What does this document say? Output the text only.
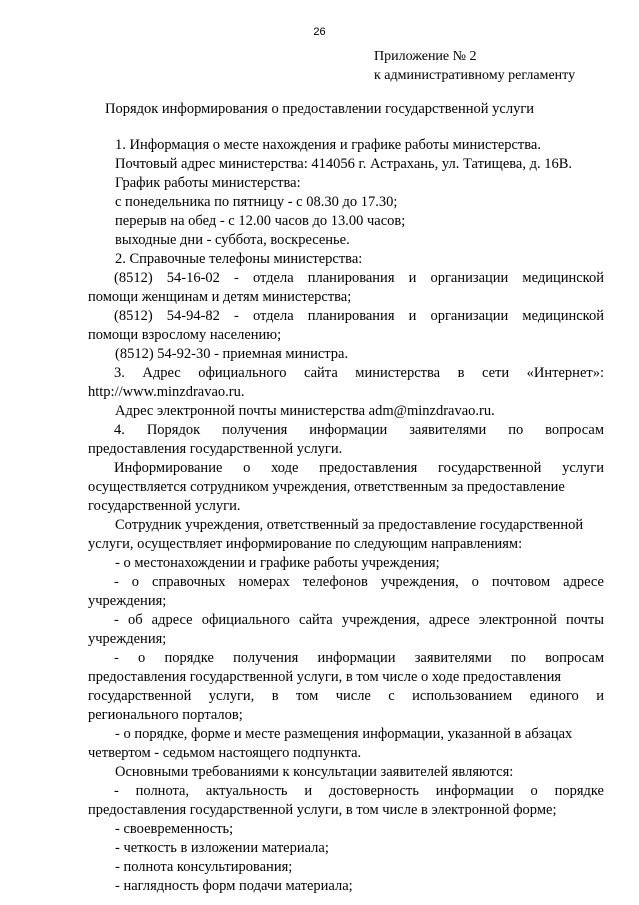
26
Приложение № 2
к административному регламенту
Порядок информирования о предоставлении государственной услуги
1. Информация о месте нахождения и графике работы министерства.
Почтовый адрес министерства: 414056 г. Астрахань, ул. Татищева, д. 16В.
График работы министерства:
с понедельника по пятницу - с 08.30 до 17.30;
перерыв на обед - с 12.00 часов до 13.00 часов;
выходные дни - суббота, воскресенье.
2. Справочные телефоны министерства:
(8512) 54-16-02 - отдела планирования и организации медицинской
помощи женщинам и детям министерства;
(8512) 54-94-82 - отдела планирования и организации медицинской
помощи взрослому населению;
(8512) 54-92-30 - приемная министра.
3. Адрес официального сайта министерства в сети «Интернет»:
http://www.minzdravao.ru.
Адрес электронной почты министерства adm@minzdravao.ru.
4. Порядок получения информации заявителями по вопросам
предоставления государственной услуги.
Информирование о ходе предоставления государственной услуги
осуществляется сотрудником учреждения, ответственным за предоставление
государственной услуги.
Сотрудник учреждения, ответственный за предоставление государственной
услуги, осуществляет информирование по следующим направлениям:
- о местонахождении и графике работы учреждения;
- о справочных номерах телефонов учреждения, о почтовом адресе
учреждения;
- об адресе официального сайта учреждения, адресе электронной почты
учреждения;
- о порядке получения информации заявителями по вопросам
предоставления государственной услуги, в том числе о ходе предоставления
государственной услуги, в том числе с использованием единого и
регионального порталов;
- о порядке, форме и месте размещения информации, указанной в абзацах
четвертом - седьмом настоящего подпункта.
Основными требованиями к консультации заявителей являются:
- полнота, актуальность и достоверность информации о порядке
предоставления государственной услуги, в том числе в электронной форме;
- своевременность;
- четкость в изложении материала;
- полнота консультирования;
- наглядность форм подачи материала;
